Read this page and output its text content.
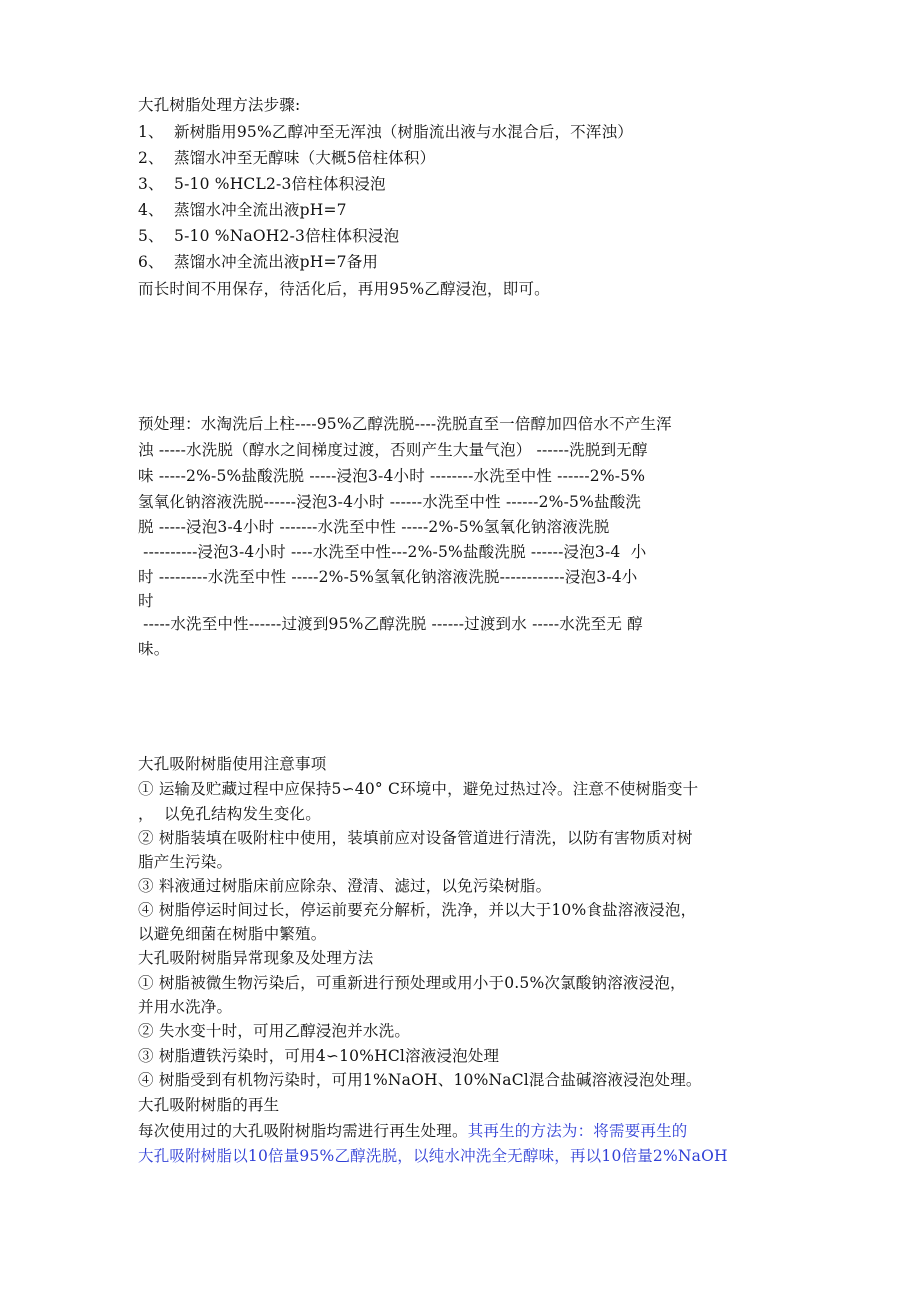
大孔树脂处理方法步骤:
1、  新树脂用95%乙醇冲至无浑浊（树脂流出液与水混合后，不浑浊）
2、  蒸馏水冲至无醇味（大概5倍柱体积）
3、  5-10 %HCL2-3倍柱体积浸泡
4、  蒸馏水冲全流出液pH=7
5、  5-10 %NaOH2-3倍柱体积浸泡
6、  蒸馏水冲全流出液pH=7备用
而长时间不用保存，待活化后，再用95%乙醇浸泡，即可。
预处理：水淘洗后上柱----95%乙醇洗脱----洗脱直至一倍醇加四倍水不产生浑
浊 -----水洗脱（醇水之间梯度过渡，否则产生大量气泡） ------洗脱到无醇
味 -----2%-5%盐酸洗脱 -----浸泡3-4小时 --------水洗至中性 ------2%-5%
氢氧化钠溶液洗脱------浸泡3-4小时 ------水洗至中性 ------2%-5%盐酸洗
脱 -----浸泡3-4小时 -------水洗至中性 -----2%-5%氢氧化钠溶液洗脱
----------浸泡3-4小时 ----水洗至中性---2%-5%盐酸洗脱 ------浸泡3-4  小
时 ---------水洗至中性 -----2%-5%氢氧化钠溶液洗脱------------浸泡3-4小
时
-----水洗至中性------过渡到95%乙醇洗脱 ------过渡到水 -----水洗至无 醇
味。
大孔吸附树脂使用注意事项
① 运输及贮藏过程中应保持5∽40° C环境中，避免过热过冷。注意不使树脂变十
，  以免孔结构发生变化。
② 树脂装填在吸附柱中使用，装填前应对设备管道进行清洗，以防有害物质对树
脂产生污染。
③ 料液通过树脂床前应除杂、澄清、滤过，以免污染树脂。
④ 树脂停运时间过长，停运前要充分解析，洗净，并以大于10%食盐溶液浸泡，
以避免细菌在树脂中繁殖。
大孔吸附树脂异常现象及处理方法
① 树脂被微生物污染后，可重新进行预处理或用小于0.5%次氯酸钠溶液浸泡，
并用水洗净。
② 失水变十时，可用乙醇浸泡并水洗。
③ 树脂遭铁污染时，可用4∽10%HCl溶液浸泡处理
④ 树脂受到有机物污染时，可用1%NaOH、10%NaCl混合盐碱溶液浸泡处理。
大孔吸附树脂的再生
每次使用过的大孔吸附树脂均需进行再生处理。其再生的方法为：将需要再生的
大孔吸附树脂以10倍量95%乙醇洗脱，以纯水冲洗全无醇味，再以10倍量2%NaOH
